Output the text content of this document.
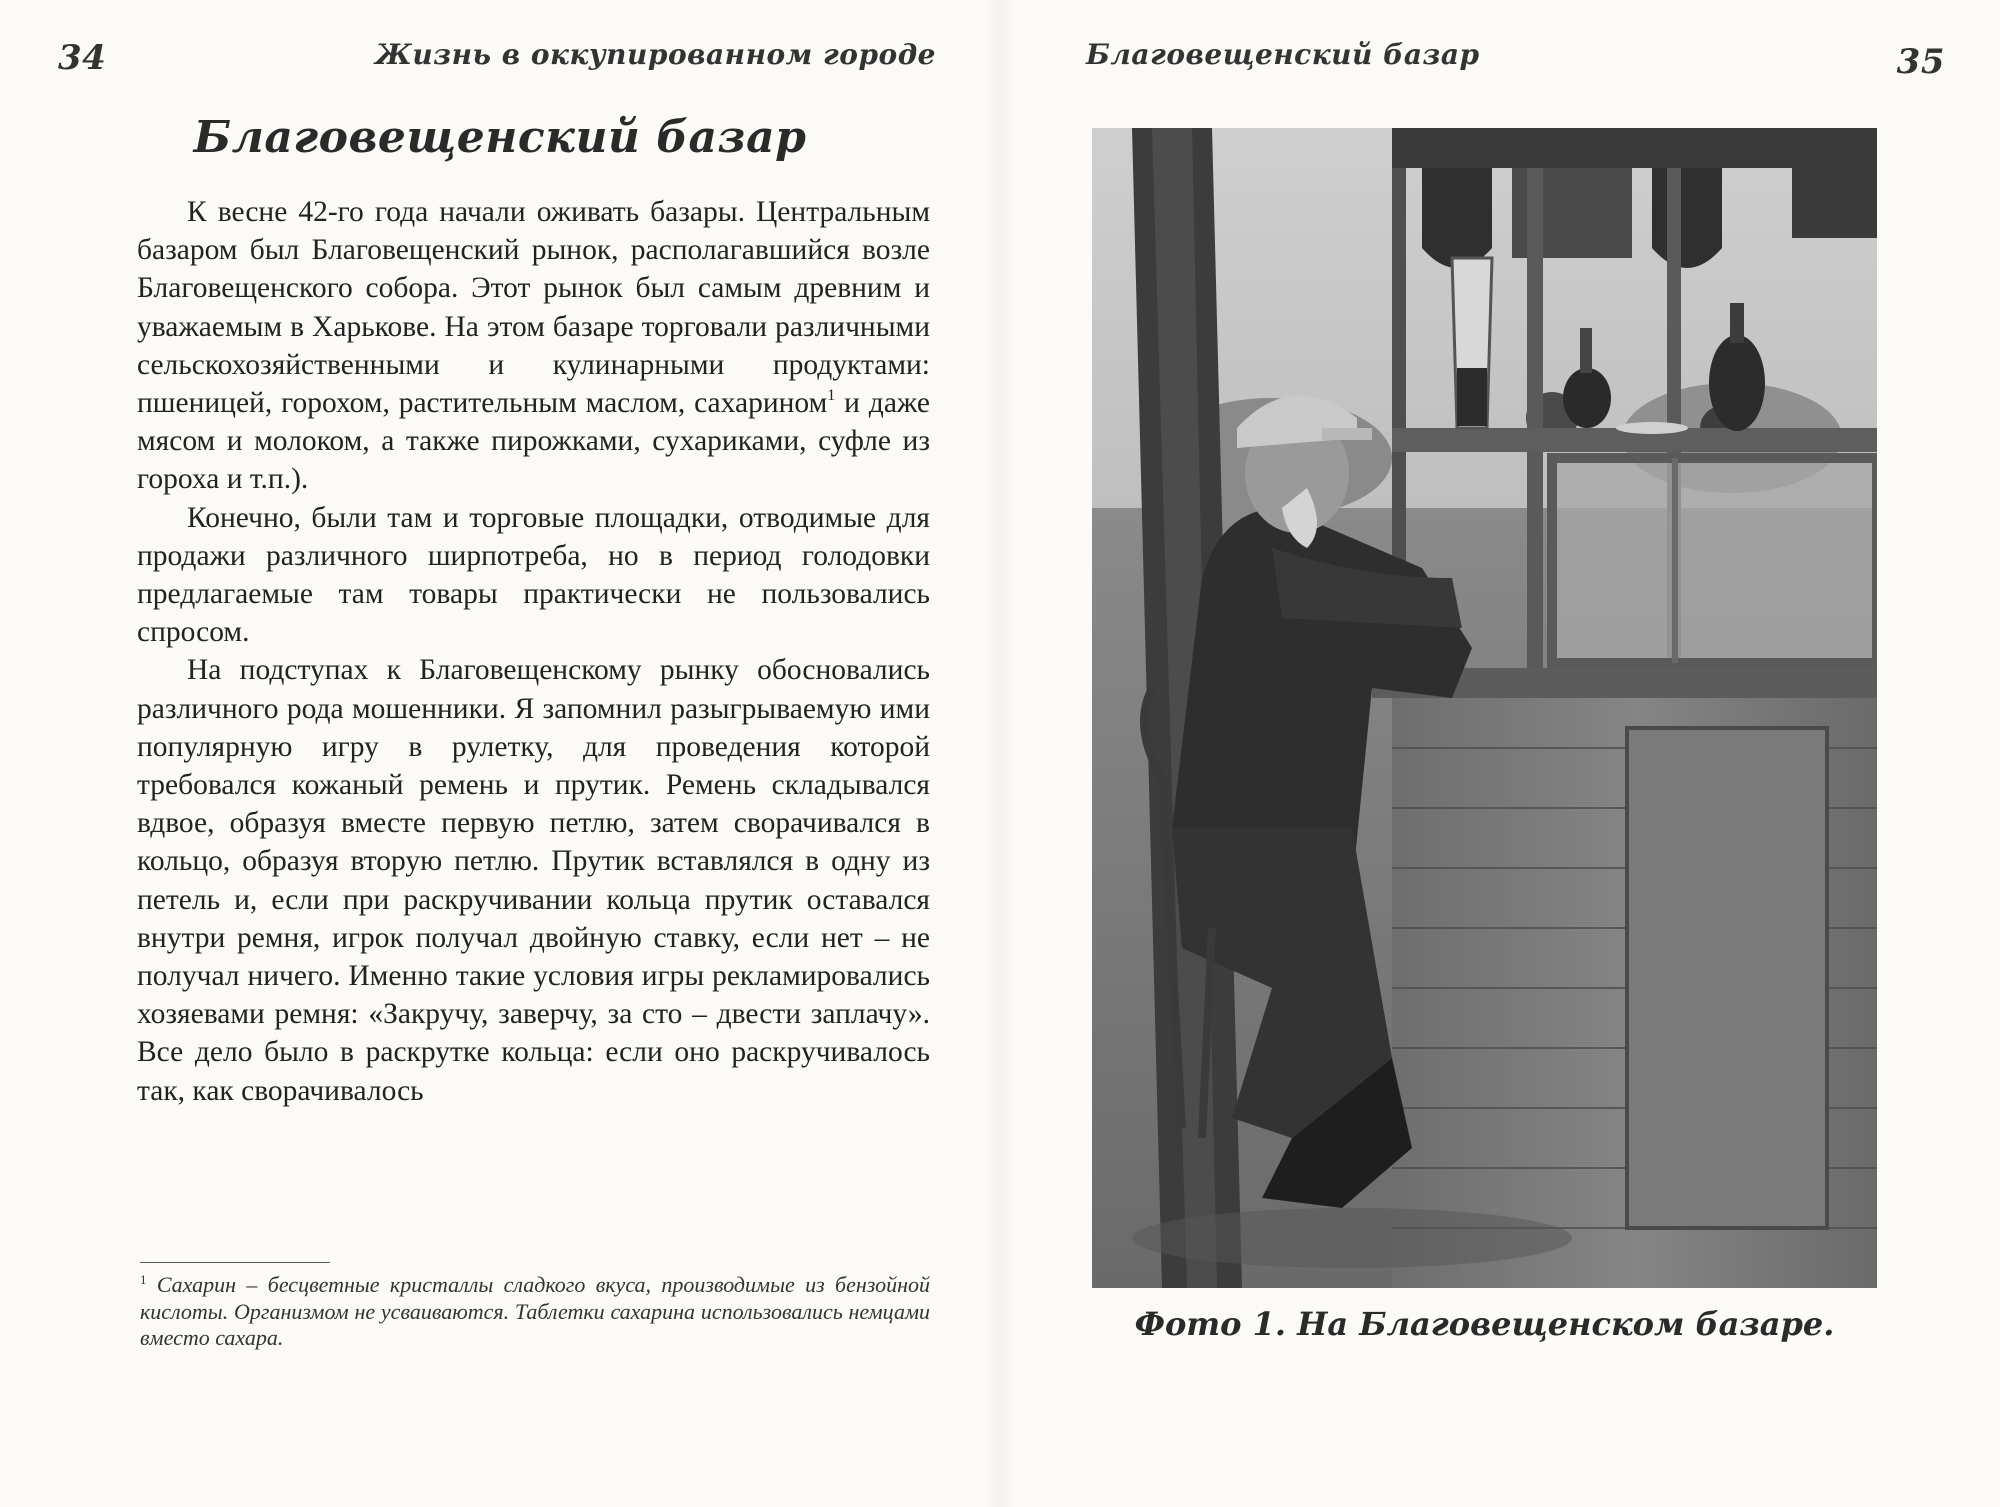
34	Жизнь в оккупированном городе
Благовещенский базар

К весне 42-го года начали оживать базары. Центральным базаром был Благовещенский рынок, располагавшийся возле Благовещенского собора. Этот рынок был самым древним и уважаемым в Харькове. На этом базаре торговали различными сельскохозяйственными и кулинарными продуктами: пшеницей, горохом, растительным маслом, сахарином$^1$ и даже мясом и молоком, а также пирожками, сухариками, суфле из гороха и т.п.).

Конечно, были там и торговые площадки, отводимые для продажи различного ширпотреба, но в период голодовки предлагаемые там товары практически не пользовались спросом.

На подступах к Благовещенскому рынку обосновались различного рода мошенники. Я запомнил разыгрываемую ими популярную игру в рулетку, для проведения которой требовался кожаный ремень и прутик. Ремень складывался вдвое, образуя вместе первую петлю, затем сворачивался в кольцо, образуя вторую петлю. Прутик вставлялся в одну из петель и, если при раскручивании кольца прутик оставался внутри ремня, игрок получал двойную ставку, если нет – не получал ничего. Именно такие условия игры рекламировались хозяевами ремня: «Закручу, заверчу, за сто – двести заплачу». Все дело было в раскрутке кольца: если оно раскручивалось так, как сворачивалось

$^1$ Сахарин – бесцветные кристаллы сладкого вкуса, производимые из бензойной кислоты. Организмом не усваиваются. Таблетки сахарина использовались немцами вместо сахара.
Благовещенский базар	35
Фото 1. На Благовещенском базаре.
